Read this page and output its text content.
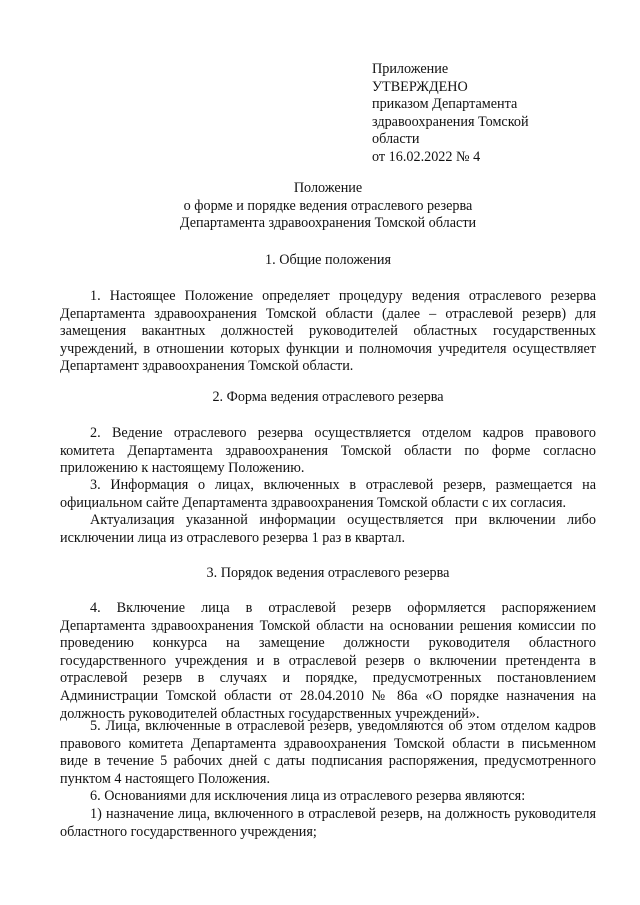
Приложение
УТВЕРЖДЕНО
приказом Департамента
здравоохранения Томской
области
от 16.02.2022 № 4
Положение
о форме и порядке ведения отраслевого резерва
Департамента здравоохранения Томской области
1. Общие положения
1. Настоящее Положение определяет процедуру ведения отраслевого резерва Департамента здравоохранения Томской области (далее – отраслевой резерв) для замещения вакантных должностей руководителей областных государственных учреждений, в отношении которых функции и полномочия учредителя осуществляет Департамент здравоохранения Томской области.
2. Форма ведения отраслевого резерва
2. Ведение отраслевого резерва осуществляется отделом кадров правового комитета Департамента здравоохранения Томской области по форме согласно приложению к настоящему Положению.
3. Информация о лицах, включенных в отраслевой резерв, размещается на официальном сайте Департамента здравоохранения Томской области с их согласия.
Актуализация указанной информации осуществляется при включении либо исключении лица из отраслевого резерва 1 раз в квартал.
3. Порядок ведения отраслевого резерва
4. Включение лица в отраслевой резерв оформляется распоряжением Департамента здравоохранения Томской области на основании решения комиссии по проведению конкурса на замещение должности руководителя областного государственного учреждения и в отраслевой резерв о включении претендента в отраслевой резерв в случаях и порядке, предусмотренных постановлением Администрации Томской области от 28.04.2010 № 86а «О порядке назначения на должность руководителей областных государственных учреждений».
5. Лица, включенные в отраслевой резерв, уведомляются об этом отделом кадров правового комитета Департамента здравоохранения Томской области в письменном виде в течение 5 рабочих дней с даты подписания распоряжения, предусмотренного пунктом 4 настоящего Положения.
6. Основаниями для исключения лица из отраслевого резерва являются:
1) назначение лица, включенного в отраслевой резерв, на должность руководителя областного государственного учреждения;
